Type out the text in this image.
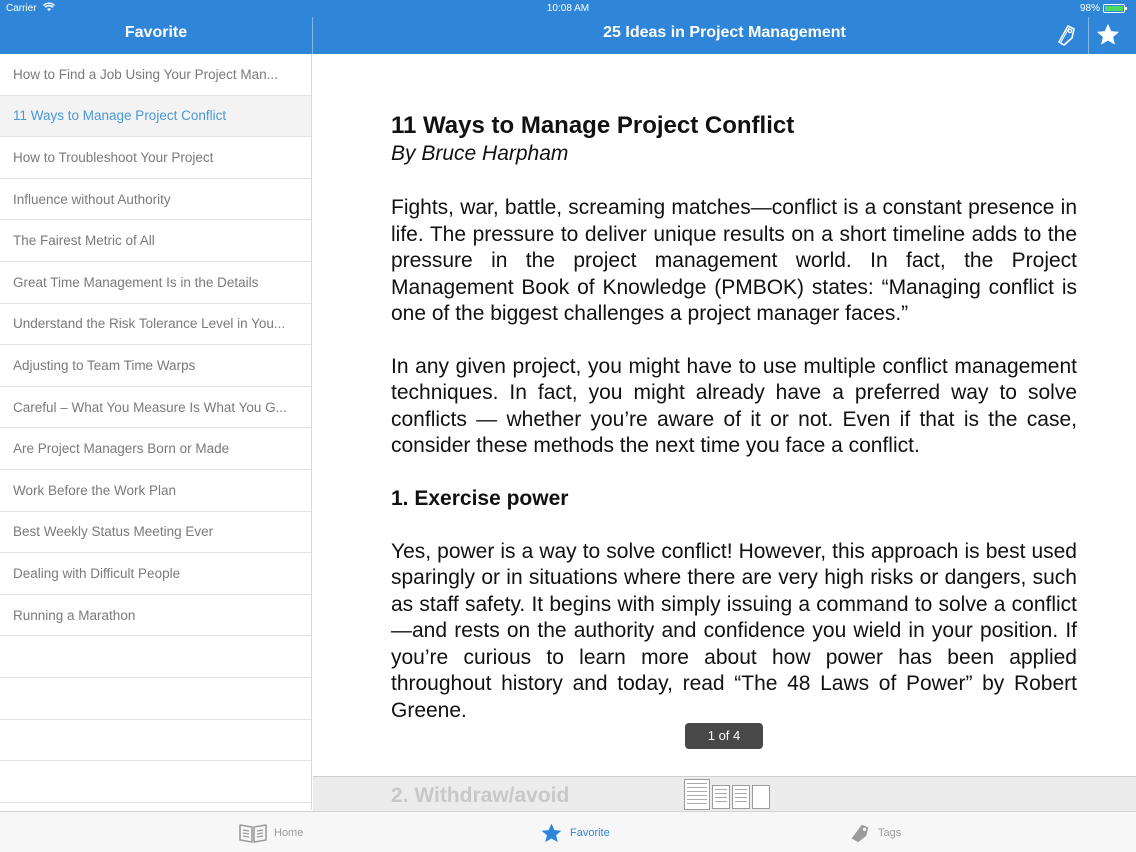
Carrier	10:08 AM	98%
Favorite	25 Ideas in Project Management
How to Find a Job Using Your Project Man...
11 Ways to Manage Project Conflict
How to Troubleshoot Your Project
Influence without Authority
The Fairest Metric of All
Great Time Management Is in the Details
Understand the Risk Tolerance Level in You...
Adjusting to Team Time Warps
Careful – What You Measure Is What You G...
Are Project Managers Born or Made
Work Before the Work Plan
Best Weekly Status Meeting Ever
Dealing with Difficult People
Running a Marathon
11 Ways to Manage Project Conflict
By Bruce Harpham

Fights, war, battle, screaming matches—conflict is a constant presence in life. The pressure to deliver unique results on a short timeline adds to the pressure in the project management world. In fact, the Project Management Book of Knowledge (PMBOK) states: “Managing conflict is one of the biggest challenges a project manager faces.”

In any given project, you might have to use multiple conflict management techniques. In fact, you might already have a preferred way to solve conflicts — whether you’re aware of it or not. Even if that is the case, consider these methods the next time you face a conflict.

1. Exercise power

Yes, power is a way to solve conflict! However, this approach is best used sparingly or in situations where there are very high risks or dangers, such as staff safety. It begins with simply issuing a command to solve a conflict—and rests on the authority and confidence you wield in your position. If you’re curious to learn more about how power has been applied throughout history and today, read “The 48 Laws of Power” by Robert Greene.

2. Withdraw/avoid
1 of 4
Home	Favorite	Tags
